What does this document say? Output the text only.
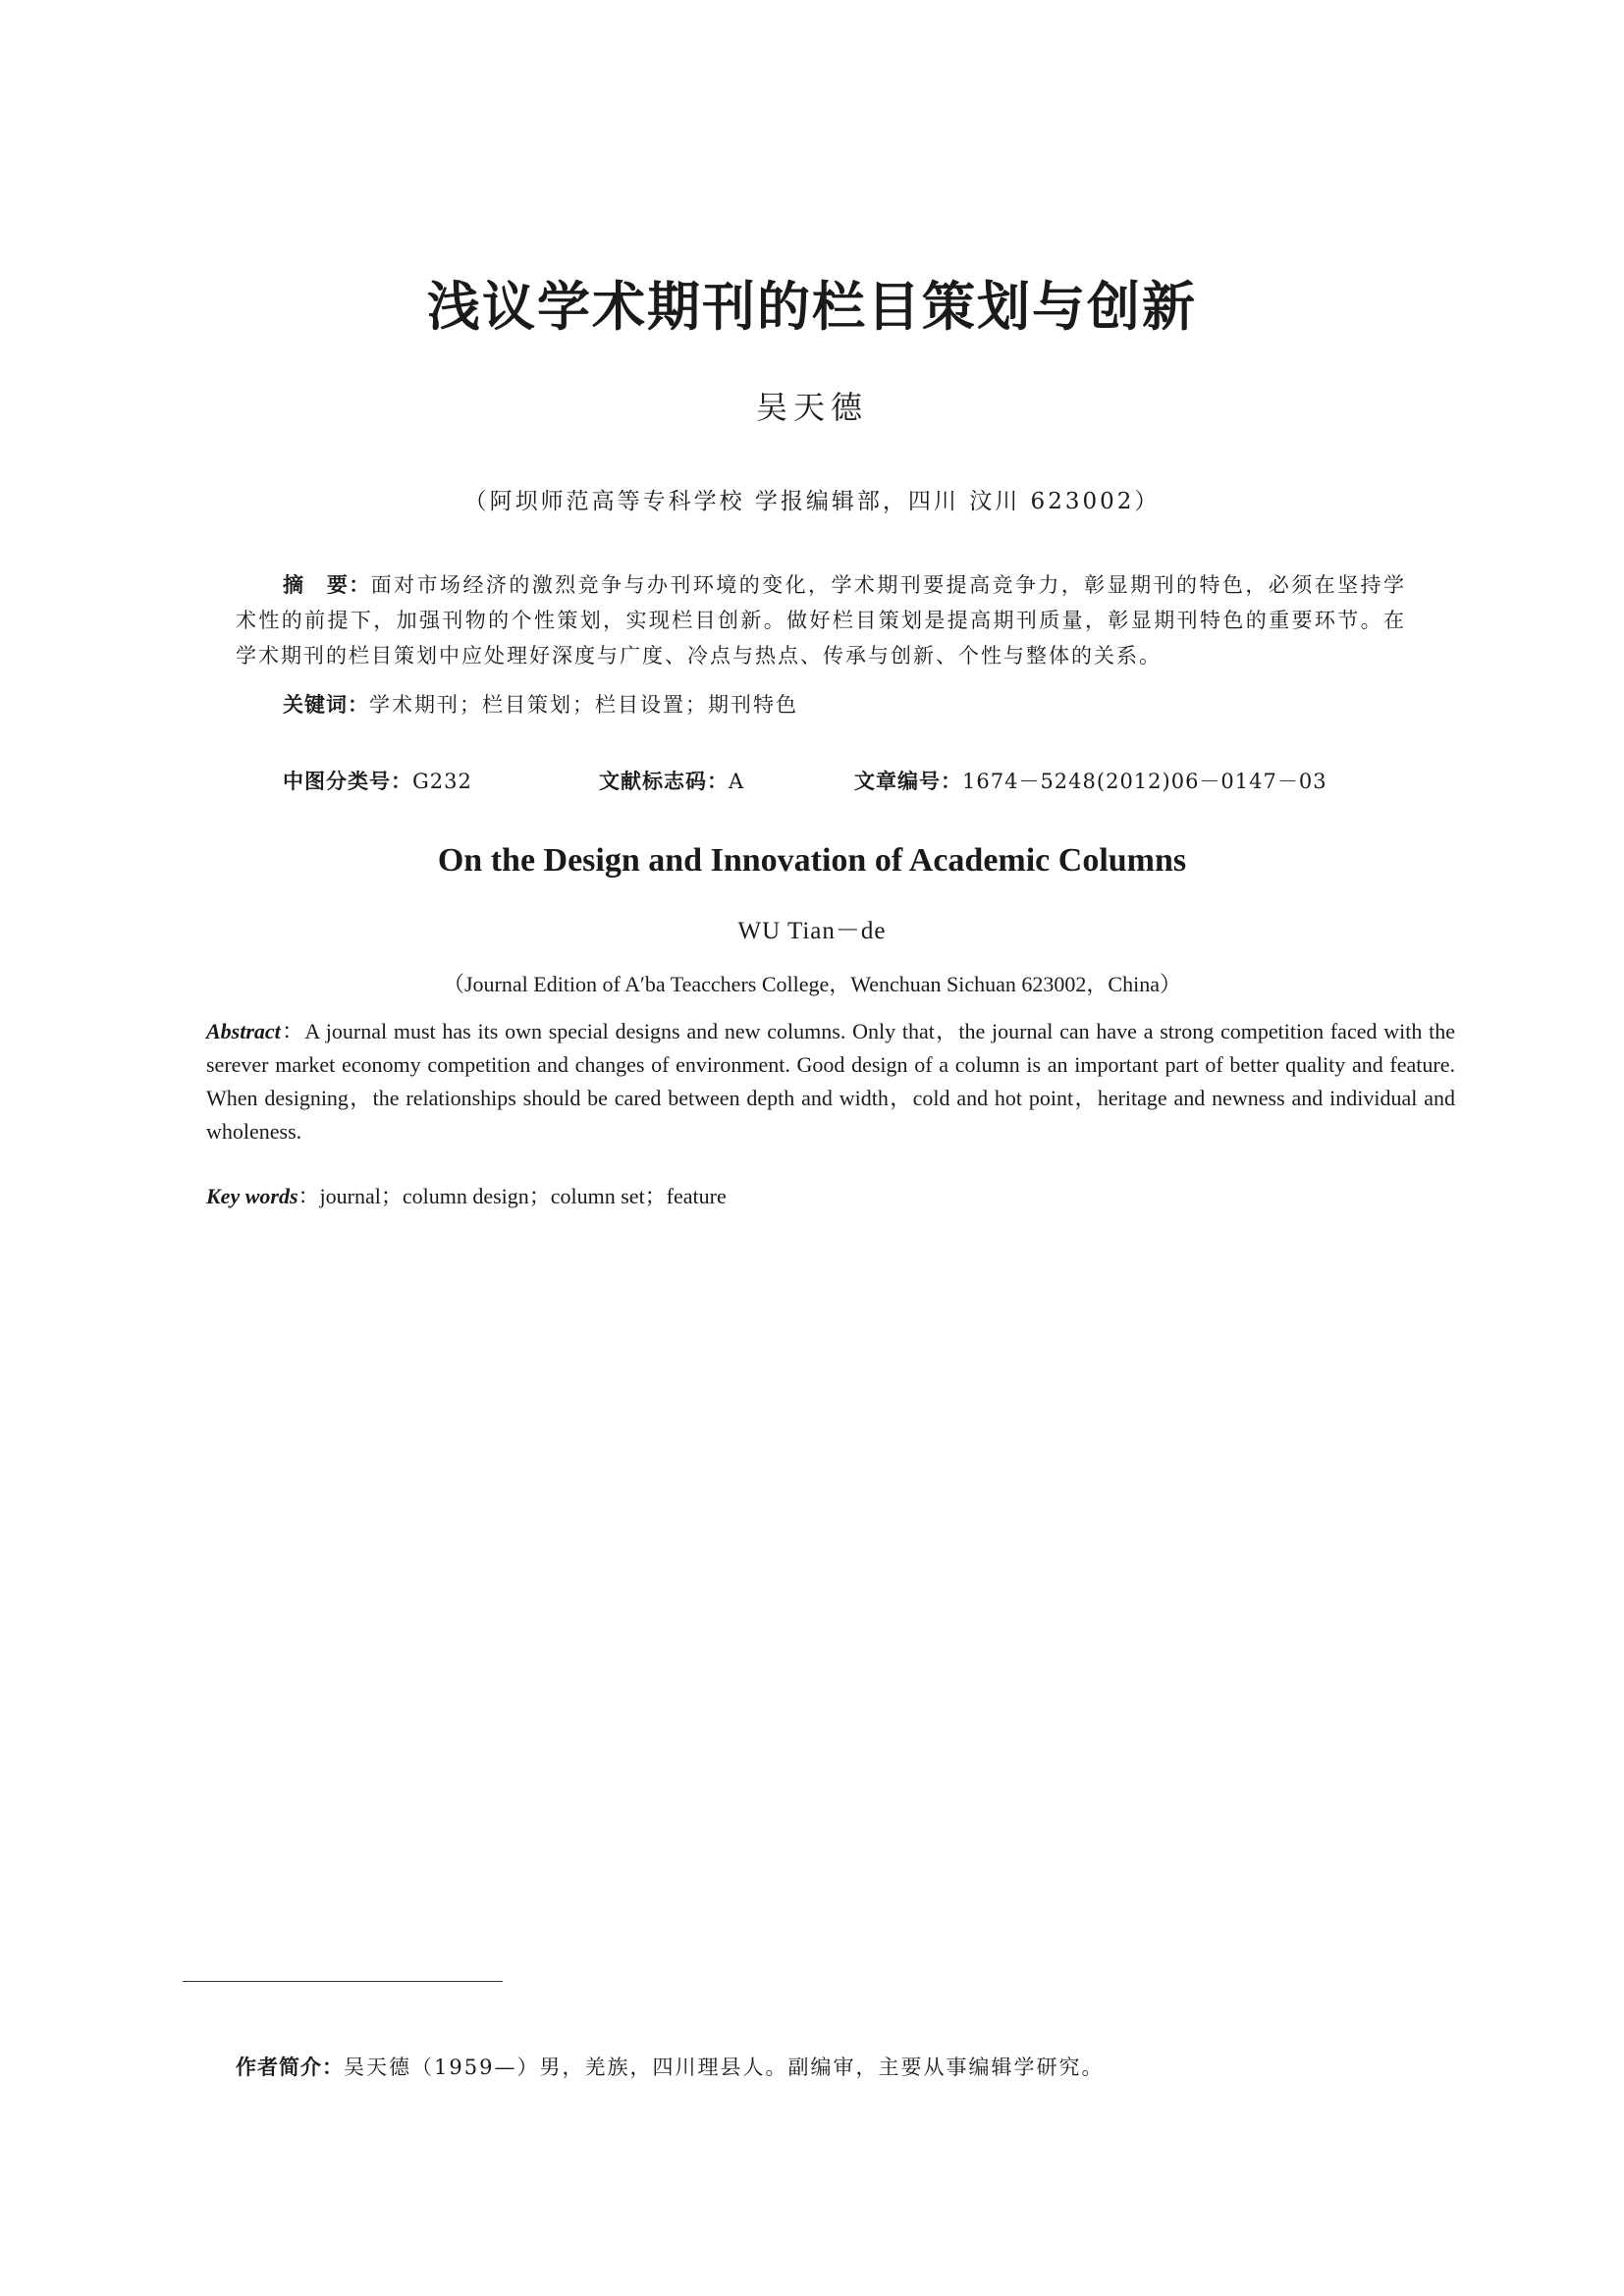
浅议学术期刊的栏目策划与创新
吴天德
（阿坝师范高等专科学校 学报编辑部，四川 汶川 623002）
摘　要：面对市场经济的激烈竞争与办刊环境的变化，学术期刊要提高竞争力，彰显期刊的特色，必须在坚持学术性的前提下，加强刊物的个性策划，实现栏目创新。做好栏目策划是提高期刊质量，彰显期刊特色的重要环节。在学术期刊的栏目策划中应处理好深度与广度、冷点与热点、传承与创新、个性与整体的关系。
关键词：学术期刊；栏目策划；栏目设置；期刊特色
中图分类号：G232	文献标志码：A	文章编号：1674－5248(2012)06－0147－03
On the Design and Innovation of Academic Columns
WU Tian－de
（Journal Edition of A′ba Teacchers College，Wenchuan Sichuan 623002，China）
Abstract：A journal must has its own special designs and new columns. Only that，the journal can have a strong competition faced with the serever market economy competition and changes of environment. Good design of a column is an important part of better quality and feature. When designing，the relationships should be cared between depth and width，cold and hot point，heritage and newness and individual and wholeness.
Key words：journal；column design；column set；feature
作者简介：吴天德（1959—）男，羌族，四川理县人。副编审，主要从事编辑学研究。
